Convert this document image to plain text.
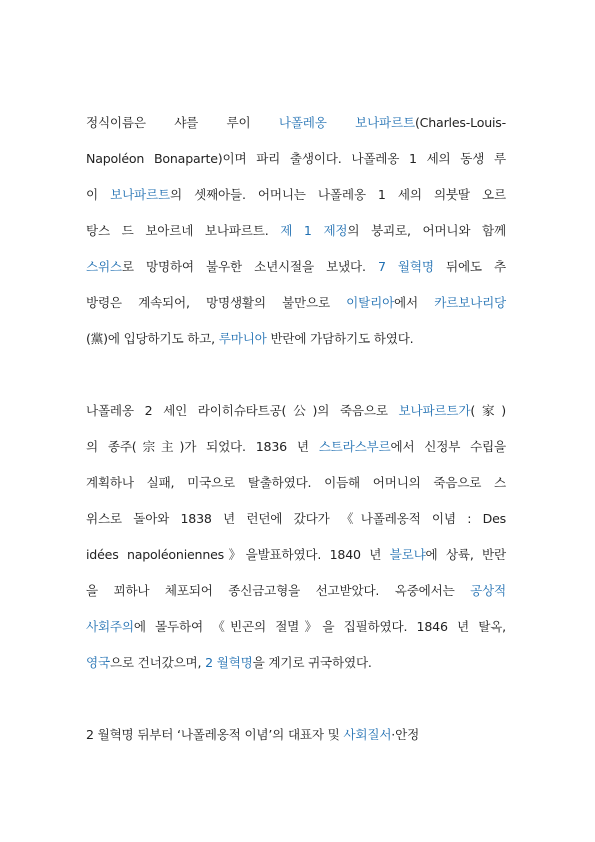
정식이름은 샤를 루이 나폴레옹 보나파르트(Charles-Louis-
Napoléon Bonaparte)이며 파리 출생이다. 나폴레옹 1 세의 동생 루
이 보나파르트의 셋째아들. 어머니는 나폴레옹 1 세의 의붓딸 오르
탕스 드 보아르네 보나파르트. 제 1 제정의 붕괴로, 어머니와 함께
스위스로 망명하여 불우한 소년시절을 보냈다. 7 월혁명 뒤에도 추
방령은 계속되어, 망명생활의 불만으로 이탈리아에서 카르보나리당
(黨)에 입당하기도 하고, 루마니아 반란에 가담하기도 하였다.
나폴레옹 2 세인 라이히슈타트공(公)의 죽음으로 보나파르트가(家)
의 종주(宗主)가 되었다. 1836 년 스트라스부르에서 신정부 수립을
계획하나 실패, 미국으로 탈출하였다. 이듬해 어머니의 죽음으로 스
위스로 돌아와 1838 년 런던에 갔다가 《나폴레옹적 이념 : Des
idées napoléoniennes》을발표하였다. 1840 년 블로냐에 상륙, 반란
을 꾀하나 체포되어 종신금고형을 선고받았다. 옥중에서는 공상적
사회주의에 몰두하여 《빈곤의 절멸》을 집필하였다. 1846 년 탈옥,
영국으로 건너갔으며, 2 월혁명을 계기로 귀국하였다.
2 월혁명 뒤부터 ‘나폴레옹적 이념’의 대표자 및 사회질서·안정
